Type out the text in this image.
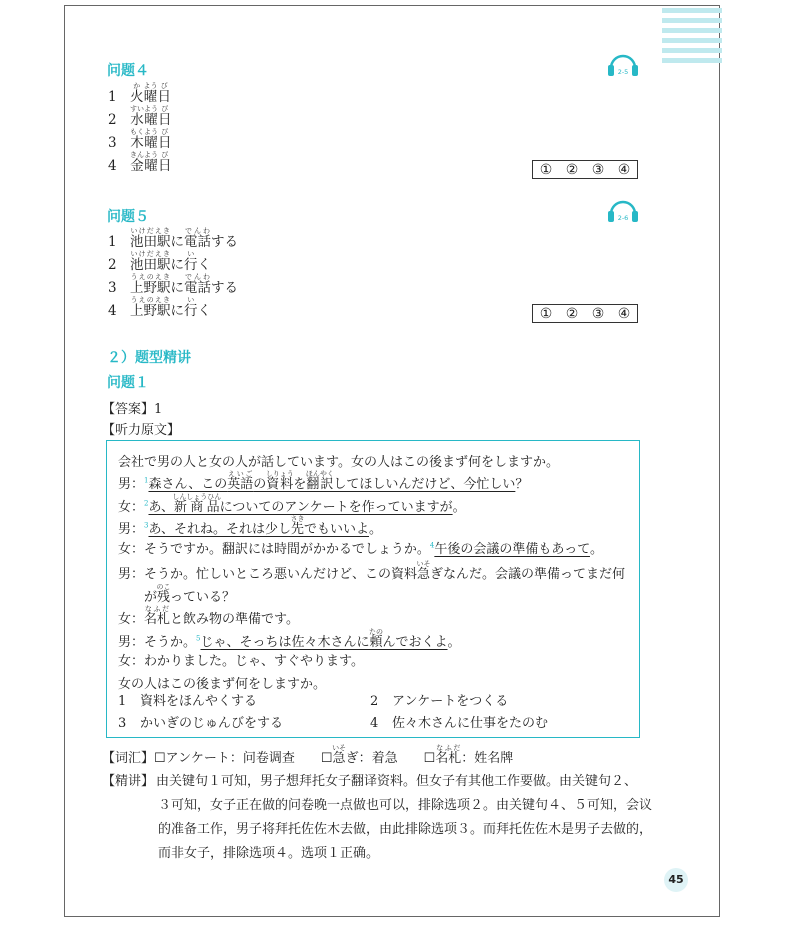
问题４	2-5
1 火か曜よう日び
2 水すい曜よう日び
3 木もく曜よう日び
4 金きん曜よう日び
① ② ③ ④
问题５	2-6
1 池田駅いけだえきに電話でんわする
2 池田駅いけだえきに行いく
3 上野駅うえのえきに電話でんわする
4 上野駅うえのえきに行いく	① ② ③ ④
２）题型精讲
问题１
【答案】1
【听力原文】
会社で男の人と女の人が話しています。女の人はこの後まず何をしますか。
男：$^1$森さん、この英語えいごの資料しりょうを翻訳ほんやくしてほしいんだけど、今忙しい？
女：$^2$あ、新商品しんしょうひんについてのアンケートを作っていますが。
男：$^3$あ、それね。それは少し先さきでもいいよ。
女：そうですか。翻訳には時間がかかるでしょうか。$^4$午後の会議の準備もあって。
男：そうか。忙しいところ悪いんだけど、この資料急いそぎなんだ。会議の準備ってまだ何
　　が残のこっている？
女：名札なふだと飲み物の準備です。
男：そうか。$^5$じゃ、そっちは佐々木さんに頼たのんでおくよ。
女：わかりました。じゃ、すぐやります。
女の人はこの後まず何をしますか。
1 資料をほんやくする	2 アンケートをつくる
3 かいぎのじゅんびをする	4 佐々木さんに仕事をたのむ
【词汇】☐アンケート：问卷调查 ☐急いそぎ：着急 ☐名札なふだ：姓名牌
【精讲】 由关键句１可知，男子想拜托女子翻译资料。但女子有其他工作要做。由关键句２、
３可知，女子正在做的问卷晚一点做也可以，排除选项２。由关键句４、５可知，会议
的准备工作，男子将拜托佐佐木去做，由此排除选项３。而拜托佐佐木是男子去做的，
而非女子，排除选项４。选项１正确。
45
